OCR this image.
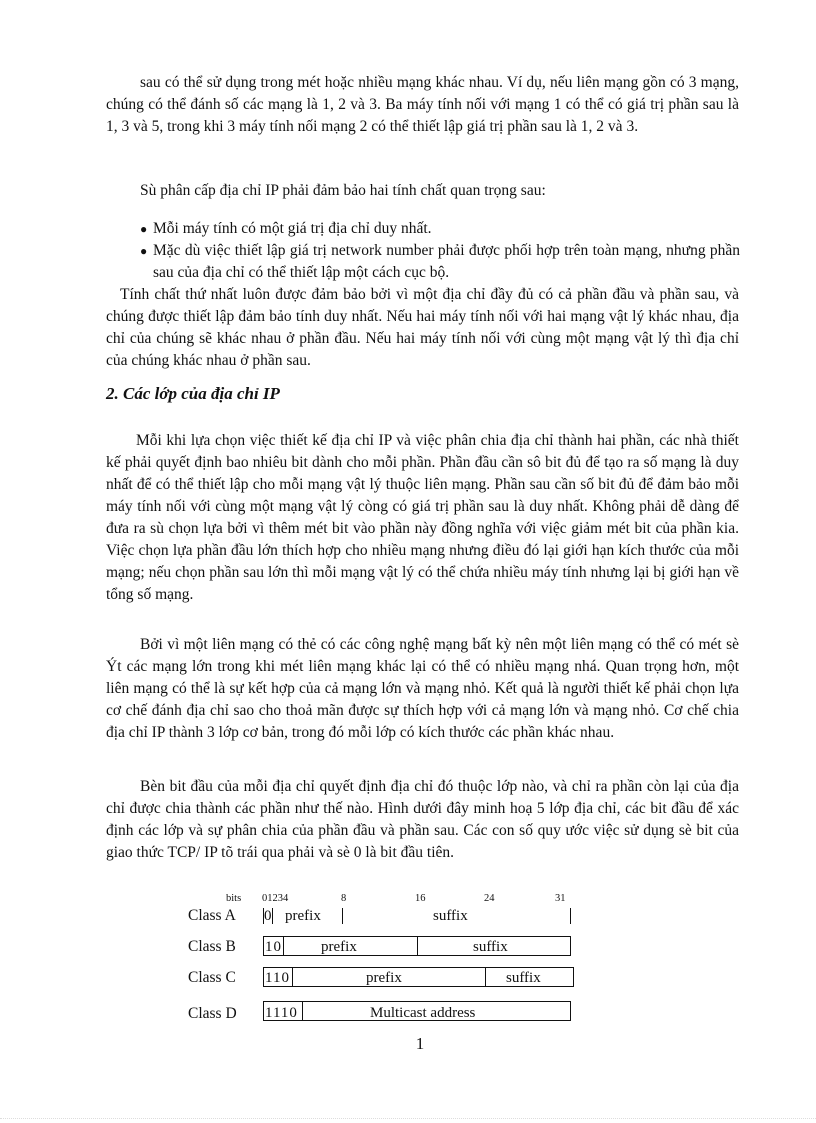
sau có thể sử dụng trong mét hoặc nhiều mạng khác nhau. Ví dụ, nếu liên mạng gồn có 3 mạng, chúng có thể đánh số các mạng là 1, 2 và 3. Ba máy tính nối với mạng 1 có thể có giá trị phần sau là 1, 3 và 5, trong khi 3 máy tính nối mạng 2 có thể thiết lập giá trị phần sau là 1, 2 và 3.

Sù phân cấp địa chỉ IP phải đảm bảo hai tính chất quan trọng sau:

● Mỗi máy tính có một giá trị địa chỉ duy nhất.
● Mặc dù việc thiết lập giá trị network number phải được phối hợp trên toàn mạng, nhưng phần sau của địa chỉ có thể thiết lập một cách cục bộ.

Tính chất thứ nhất luôn được đảm bảo bởi vì một địa chỉ đầy đủ có cả phần đầu và phần sau, và chúng được thiết lập đảm bảo tính duy nhất. Nếu hai máy tính nối với hai mạng vật lý khác nhau, địa chỉ của chúng sẽ khác nhau ở phần đầu. Nếu hai máy tính nối với cùng một mạng vật lý thì địa chỉ của chúng khác nhau ở phần sau.

2. Các lớp của địa chỉ IP

Mỗi khi lựa chọn việc thiết kế địa chỉ IP và việc phân chia địa chỉ thành hai phần, các nhà thiết kế phải quyết định bao nhiêu bit dành cho mỗi phần. Phần đầu cần sô bit đủ để tạo ra số mạng là duy nhất để có thể thiết lập cho mỗi mạng vật lý thuộc liên mạng. Phần sau cần số bit đủ để đảm bảo mỗi máy tính nối với cùng một mạng vật lý còng có giá trị phần sau là duy nhất. Không phải dễ dàng để đưa ra sù chọn lựa bởi vì thêm mét bit vào phần này đồng nghĩa với việc giảm mét bit của phần kia. Việc chọn lựa phần đầu lớn thích hợp cho nhiều mạng nhưng điều đó lại giới hạn kích thước của mỗi mạng; nếu chọn phần sau lớn thì mỗi mạng vật lý có thể chứa nhiều máy tính nhưng lại bị giới hạn về tổng số mạng.

Bởi vì một liên mạng có thẻ có các công nghệ mạng bất kỳ nên một liên mạng có thể có mét sè Ýt các mạng lớn trong khi mét liên mạng khác lại có thể có nhiều mạng nhá. Quan trọng hơn, một liên mạng có thể là sự kết hợp của cả mạng lớn và mạng nhỏ. Kết quả là người thiết kế phải chọn lựa cơ chế đánh địa chỉ sao cho thoả mãn được sự thích hợp với cả mạng lớn và mạng nhỏ. Cơ chế chia địa chỉ IP thành 3 lớp cơ bản, trong đó mỗi lớp có kích thước các phần khác nhau.

Bèn bit đầu của mỗi địa chỉ quyết định địa chỉ đó thuộc lớp nào, và chỉ ra phần còn lại của địa chỉ được chia thành các phần như thế nào. Hình dưới đây minh hoạ 5 lớp địa chỉ, các bit đầu để xác định các lớp và sự phân chia của phần đầu và phần sau. Các con số quy ước việc sử dụng sè bit của giao thức TCP/ IP tõ trái qua phải và sè 0 là bit đầu tiên.

bits 01234	8	16	24	31
Class A 0 prefix	suffix
Class B 10	prefix	suffix
Class C 110	prefix	suffix
Class D 1110	Multicast address
1
